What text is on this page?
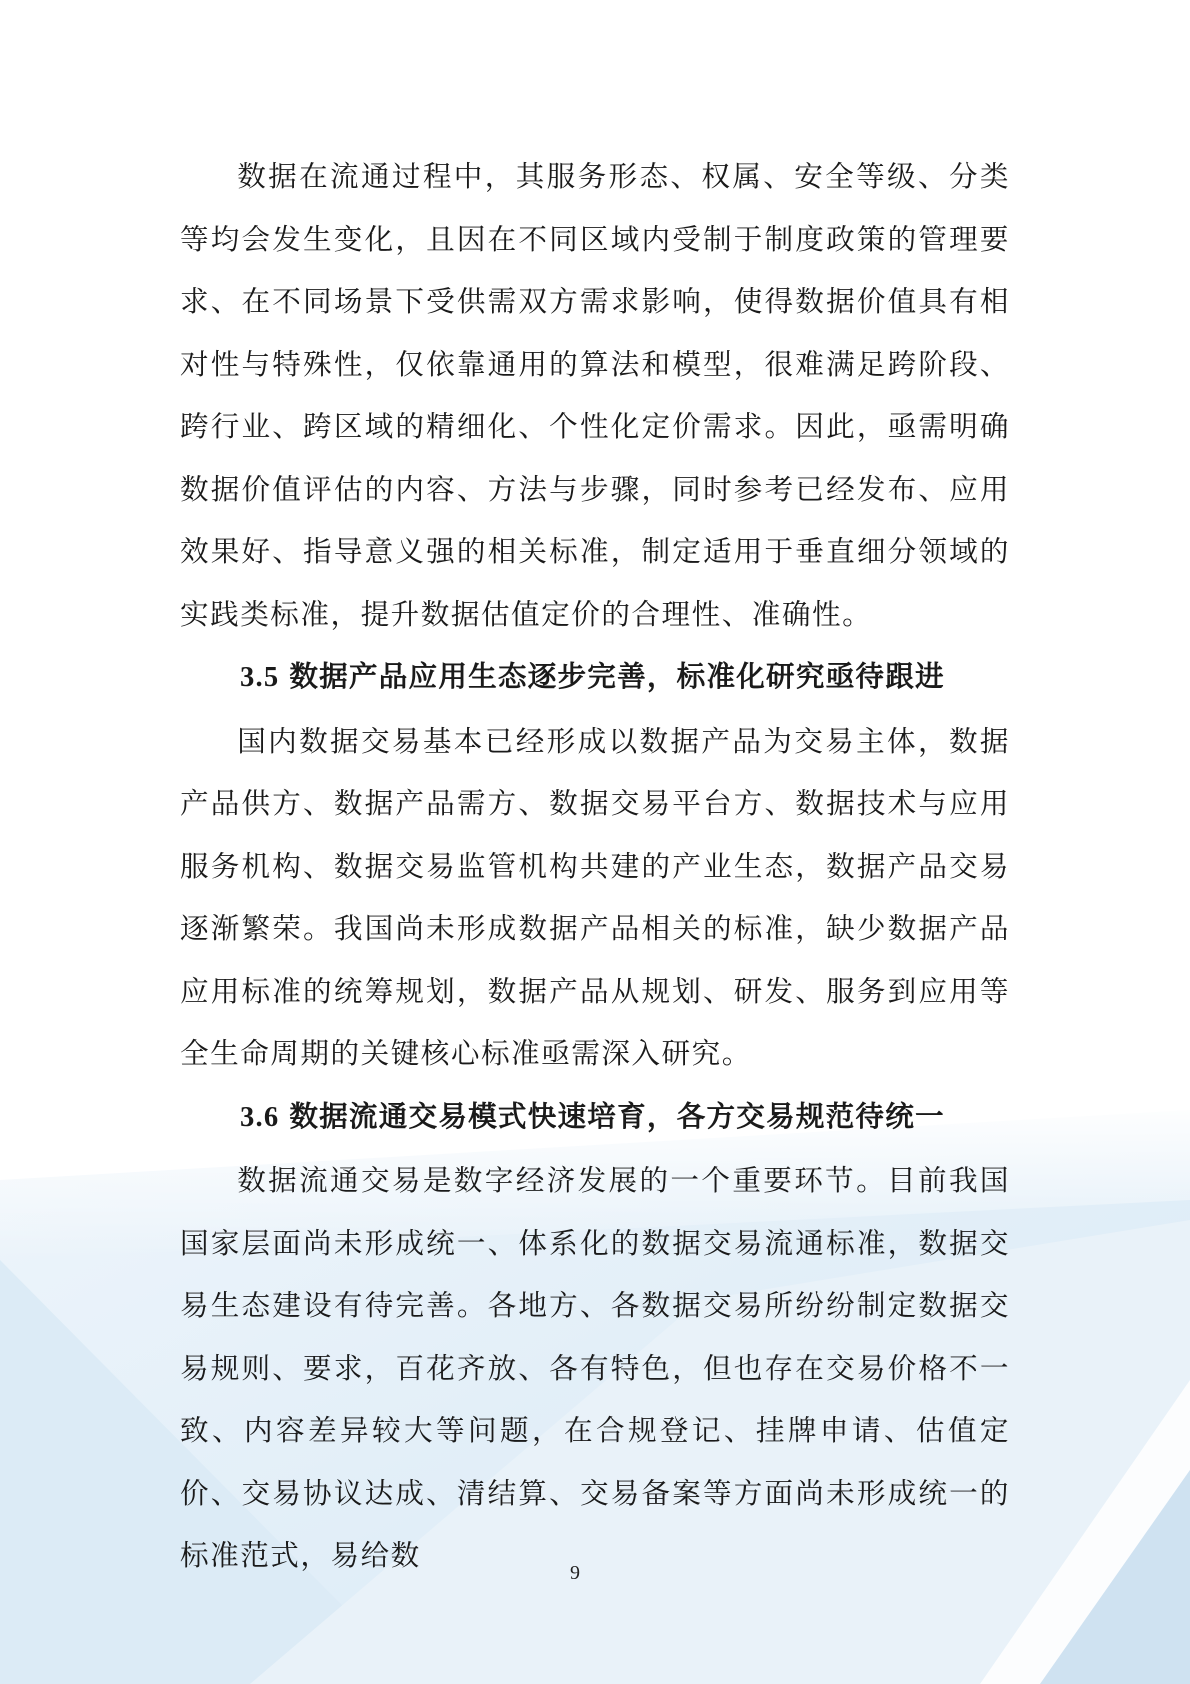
数据在流通过程中，其服务形态、权属、安全等级、分类等均会发生变化，且因在不同区域内受制于制度政策的管理要求、在不同场景下受供需双方需求影响，使得数据价值具有相对性与特殊性，仅依靠通用的算法和模型，很难满足跨阶段、跨行业、跨区域的精细化、个性化定价需求。因此，亟需明确数据价值评估的内容、方法与步骤，同时参考已经发布、应用效果好、指导意义强的相关标准，制定适用于垂直细分领域的实践类标准，提升数据估值定价的合理性、准确性。

3.5 数据产品应用生态逐步完善，标准化研究亟待跟进

国内数据交易基本已经形成以数据产品为交易主体，数据产品供方、数据产品需方、数据交易平台方、数据技术与应用服务机构、数据交易监管机构共建的产业生态，数据产品交易逐渐繁荣。我国尚未形成数据产品相关的标准，缺少数据产品应用标准的统筹规划，数据产品从规划、研发、服务到应用等全生命周期的关键核心标准亟需深入研究。

3.6 数据流通交易模式快速培育，各方交易规范待统一

数据流通交易是数字经济发展的一个重要环节。目前我国国家层面尚未形成统一、体系化的数据交易流通标准，数据交易生态建设有待完善。各地方、各数据交易所纷纷制定数据交易规则、要求，百花齐放、各有特色，但也存在交易价格不一致、内容差异较大等问题，在合规登记、挂牌申请、估值定价、交易协议达成、清结算、交易备案等方面尚未形成统一的标准范式，易给数

9
